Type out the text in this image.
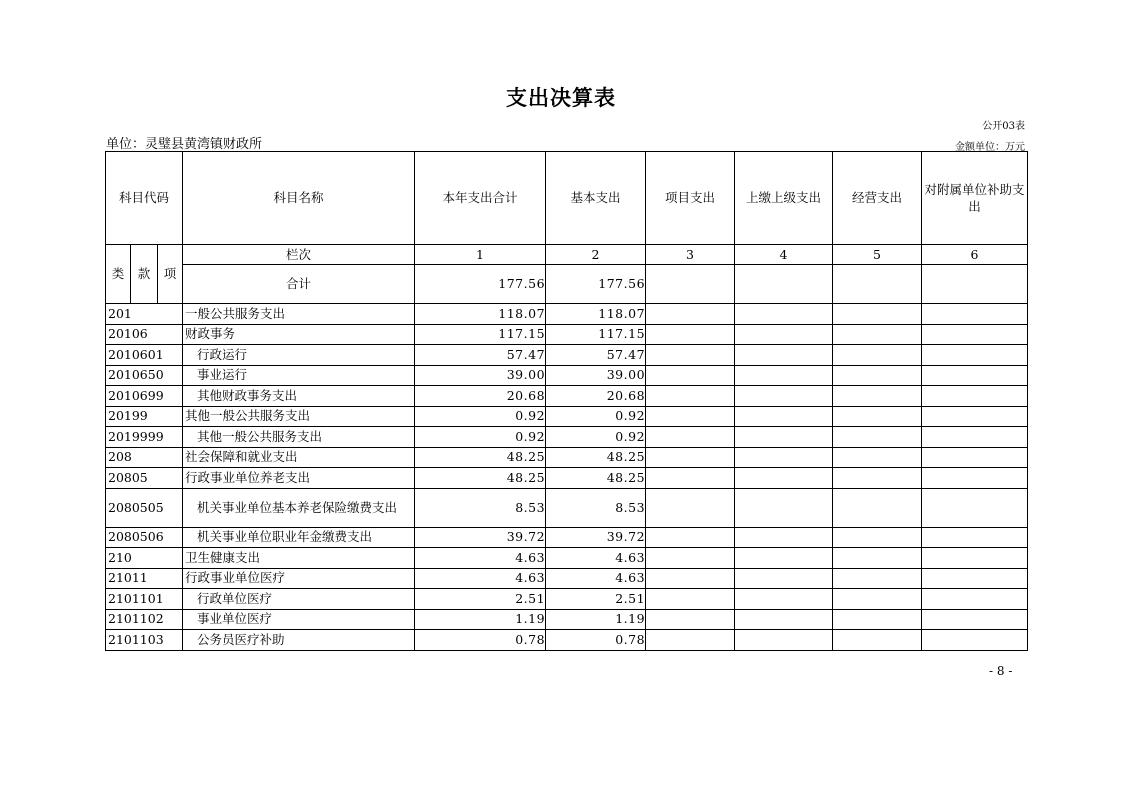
支出决算表
公开03表
单位：灵璧县黄湾镇财政所	金额单位：万元
科目代码			科目名称	本年支出合计	基本支出	项目支出	上缴上级支出	经营支出	对附属单位补助支出
类	款	项	栏次	1	2	3	4	5	6
			合计	177.56	177.56				
201			一般公共服务支出	118.07	118.07				
20106			财政事务	117.15	117.15				
2010601			行政运行	57.47	57.47				
2010650			事业运行	39.00	39.00				
2010699			其他财政事务支出	20.68	20.68				
20199			其他一般公共服务支出	0.92	0.92				
2019999			其他一般公共服务支出	0.92	0.92				
208			社会保障和就业支出	48.25	48.25				
20805			行政事业单位养老支出	48.25	48.25				
2080505			机关事业单位基本养老保险缴费支出	8.53	8.53				
2080506			机关事业单位职业年金缴费支出	39.72	39.72				
210			卫生健康支出	4.63	4.63				
21011			行政事业单位医疗	4.63	4.63				
2101101			行政单位医疗	2.51	2.51				
2101102			事业单位医疗	1.19	1.19				
2101103			公务员医疗补助	0.78	0.78				
- 8 -
